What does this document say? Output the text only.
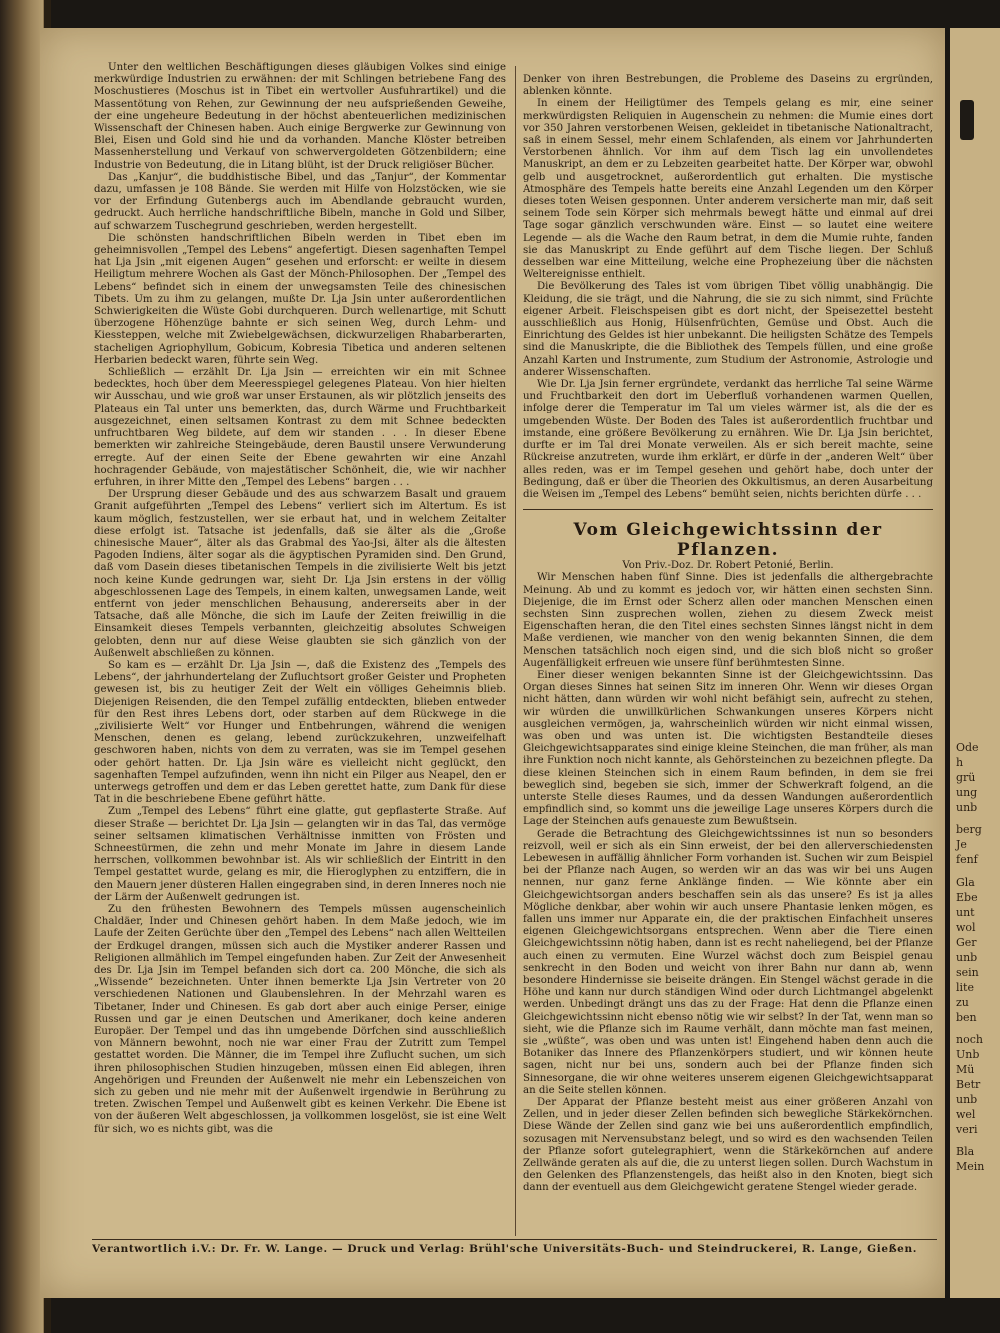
Unter den weltlichen Beschäftigungen dieses gläubigen Volkes sind einige merkwürdige Industrien zu erwähnen: der mit Schlingen betriebene Fang des Moschustieres (Moschus ist in Tibet ein wertvoller Ausfuhrartikel) und die Massentötung von Rehen, zur Gewinnung der neu aufsprießenden Geweihe, der eine ungeheure Bedeutung in der höchst abenteuerlichen medizinischen Wissenschaft der Chinesen haben. Auch einige Bergwerke zur Gewinnung von Blei, Eisen und Gold sind hie und da vorhanden. Manche Klöster betreiben Massenherstellung und Verkauf von schwervergoldeten Götzenbildern; eine Industrie von Bedeutung, die in Litang blüht, ist der Druck religiöser Bücher.

Das „Kanjur“, die buddhistische Bibel, und das „Tanjur“, der Kommentar dazu, umfassen je 108 Bände. Sie werden mit Hilfe von Holzstöcken, wie sie vor der Erfindung Gutenbergs auch im Abendlande gebraucht wurden, gedruckt. Auch herrliche handschriftliche Bibeln, manche in Gold und Silber, auf schwarzem Tuschegrund geschrieben, werden hergestellt.

Die schönsten handschriftlichen Bibeln werden in Tibet eben im geheimnisvollen „Tempel des Lebens“ angefertigt. Diesen sagenhaften Tempel hat Lja Jsin „mit eigenen Augen“ gesehen und erforscht: er weilte in diesem Heiligtum mehrere Wochen als Gast der Mönch-Philosophen. Der „Tempel des Lebens“ befindet sich in einem der unwegsamsten Teile des chinesischen Tibets. Um zu ihm zu gelangen, mußte Dr. Lja Jsin unter außerordentlichen Schwierigkeiten die Wüste Gobi durchqueren. Durch wellenartige, mit Schutt überzogene Höhenzüge bahnte er sich seinen Weg, durch Lehm- und Kiessteppen, welche mit Zwiebelgewächsen, dickwurzeligen Rhabarberarten, stacheligen Agriophyllum, Gobicum, Kobresia Tibetica und anderen seltenen Herbarien bedeckt waren, führte sein Weg.

Schließlich — erzählt Dr. Lja Jsin — erreichten wir ein mit Schnee bedecktes, hoch über dem Meeresspiegel gelegenes Plateau. Von hier hielten wir Ausschau, und wie groß war unser Erstaunen, als wir plötzlich jenseits des Plateaus ein Tal unter uns bemerkten, das, durch Wärme und Fruchtbarkeit ausgezeichnet, einen seltsamen Kontrast zu dem mit Schnee bedeckten unfruchtbaren Weg bildete, auf dem wir standen . . . In dieser Ebene bemerkten wir zahlreiche Steingebäude, deren Baustil unsere Verwunderung erregte. Auf der einen Seite der Ebene gewahrten wir eine Anzahl hochragender Gebäude, von majestätischer Schönheit, die, wie wir nachher erfuhren, in ihrer Mitte den „Tempel des Lebens“ bargen . . .

Der Ursprung dieser Gebäude und des aus schwarzem Basalt und grauem Granit aufgeführten „Tempel des Lebens“ verliert sich im Altertum. Es ist kaum möglich, festzustellen, wer sie erbaut hat, und in welchem Zeitalter diese erfolgt ist. Tatsache ist jedenfalls, daß sie älter als die „Große chinesische Mauer“, älter als das Grabmal des Yao-Jsi, älter als die ältesten Pagoden Indiens, älter sogar als die ägyptischen Pyramiden sind. Den Grund, daß vom Dasein dieses tibetanischen Tempels in die zivilisierte Welt bis jetzt noch keine Kunde gedrungen war, sieht Dr. Lja Jsin erstens in der völlig abgeschlossenen Lage des Tempels, in einem kalten, unwegsamen Lande, weit entfernt von jeder menschlichen Behausung, andererseits aber in der Tatsache, daß alle Mönche, die sich im Laufe der Zeiten freiwillig in die Einsamkeit dieses Tempels verbannten, gleichzeitig absolutes Schweigen gelobten, denn nur auf diese Weise glaubten sie sich gänzlich von der Außenwelt abschließen zu können.

So kam es — erzählt Dr. Lja Jsin —, daß die Existenz des „Tempels des Lebens“, der jahrhundertelang der Zufluchtsort großer Geister und Propheten gewesen ist, bis zu heutiger Zeit der Welt ein völliges Geheimnis blieb. Diejenigen Reisenden, die den Tempel zufällig entdeckten, blieben entweder für den Rest ihres Lebens dort, oder starben auf dem Rückwege in die „zivilisierte Welt“ vor Hunger und Entbehrungen, während die wenigen Menschen, denen es gelang, lebend zurückzukehren, unzweifelhaft geschworen haben, nichts von dem zu verraten, was sie im Tempel gesehen oder gehört hatten. Dr. Lja Jsin wäre es vielleicht nicht geglückt, den sagenhaften Tempel aufzufinden, wenn ihn nicht ein Pilger aus Neapel, den er unterwegs getroffen und dem er das Leben gerettet hatte, zum Dank für diese Tat in die beschriebene Ebene geführt hätte.

Zum „Tempel des Lebens“ führt eine glatte, gut gepflasterte Straße. Auf dieser Straße — berichtet Dr. Lja Jsin — gelangten wir in das Tal, das vermöge seiner seltsamen klimatischen Verhältnisse inmitten von Frösten und Schneestürmen, die zehn und mehr Monate im Jahre in diesem Lande herrschen, vollkommen bewohnbar ist. Als wir schließlich der Eintritt in den Tempel gestattet wurde, gelang es mir, die Hieroglyphen zu entziffern, die in den Mauern jener düsteren Hallen eingegraben sind, in deren Inneres noch nie der Lärm der Außenwelt gedrungen ist.

Zu den frühesten Bewohnern des Tempels müssen augenscheinlich Chaldäer, Inder und Chinesen gehört haben. In dem Maße jedoch, wie im Laufe der Zeiten Gerüchte über den „Tempel des Lebens“ nach allen Weltteilen der Erdkugel drangen, müssen sich auch die Mystiker anderer Rassen und Religionen allmählich im Tempel eingefunden haben. Zur Zeit der Anwesenheit des Dr. Lja Jsin im Tempel befanden sich dort ca. 200 Mönche, die sich als „Wissende“ bezeichneten. Unter ihnen bemerkte Lja Jsin Vertreter von 20 verschiedenen Nationen und Glaubenslehren. In der Mehrzahl waren es Tibetaner, Inder und Chinesen. Es gab dort aber auch einige Perser, einige Russen und gar je einen Deutschen und Amerikaner, doch keine anderen Europäer. Der Tempel und das ihn umgebende Dörfchen sind ausschließlich von Männern bewohnt, noch nie war einer Frau der Zutritt zum Tempel gestattet worden. Die Männer, die im Tempel ihre Zuflucht suchen, um sich ihren philosophischen Studien hinzugeben, müssen einen Eid ablegen, ihren Angehörigen und Freunden der Außenwelt nie mehr ein Lebenszeichen von sich zu geben und nie mehr mit der Außenwelt irgendwie in Berührung zu treten. Zwischen Tempel und Außenwelt gibt es keinen Verkehr. Die Ebene ist von der äußeren Welt abgeschlossen, ja vollkommen losgelöst, sie ist eine Welt für sich, wo es nichts gibt, was die

Denker von ihren Bestrebungen, die Probleme des Daseins zu ergründen, ablenken könnte.

In einem der Heiligtümer des Tempels gelang es mir, eine seiner merkwürdigsten Reliquien in Augenschein zu nehmen: die Mumie eines dort vor 350 Jahren verstorbenen Weisen, gekleidet in tibetanische Nationaltracht, saß in einem Sessel, mehr einem Schlafenden, als einem vor Jahrhunderten Verstorbenen ähnlich. Vor ihm auf dem Tisch lag ein unvollendetes Manuskript, an dem er zu Lebzeiten gearbeitet hatte. Der Körper war, obwohl gelb und ausgetrocknet, außerordentlich gut erhalten. Die mystische Atmosphäre des Tempels hatte bereits eine Anzahl Legenden um den Körper dieses toten Weisen gesponnen. Unter anderem versicherte man mir, daß seit seinem Tode sein Körper sich mehrmals bewegt hätte und einmal auf drei Tage sogar gänzlich verschwunden wäre. Einst — so lautet eine weitere Legende — als die Wache den Raum betrat, in dem die Mumie ruhte, fanden sie das Manuskript zu Ende geführt auf dem Tische liegen. Der Schluß desselben war eine Mitteilung, welche eine Prophezeiung über die nächsten Weltereignisse enthielt.

Die Bevölkerung des Tales ist vom übrigen Tibet völlig unabhängig. Die Kleidung, die sie trägt, und die Nahrung, die sie zu sich nimmt, sind Früchte eigener Arbeit. Fleischspeisen gibt es dort nicht, der Speisezettel besteht ausschließlich aus Honig, Hülsenfrüchten, Gemüse und Obst. Auch die Einrichtung des Geldes ist hier unbekannt. Die heiligsten Schätze des Tempels sind die Manuskripte, die die Bibliothek des Tempels füllen, und eine große Anzahl Karten und Instrumente, zum Studium der Astronomie, Astrologie und anderer Wissenschaften.

Wie Dr. Lja Jsin ferner ergründete, verdankt das herrliche Tal seine Wärme und Fruchtbarkeit den dort im Ueberfluß vorhandenen warmen Quellen, infolge derer die Temperatur im Tal um vieles wärmer ist, als die der es umgebenden Wüste. Der Boden des Tales ist außerordentlich fruchtbar und imstande, eine größere Bevölkerung zu ernähren. Wie Dr. Lja Jsin berichtet, durfte er im Tal drei Monate verweilen. Als er sich bereit machte, seine Rückreise anzutreten, wurde ihm erklärt, er dürfe in der „anderen Welt“ über alles reden, was er im Tempel gesehen und gehört habe, doch unter der Bedingung, daß er über die Theorien des Okkultismus, an deren Ausarbeitung die Weisen im „Tempel des Lebens“ bemüht seien, nichts berichten dürfe . . .

Vom Gleichgewichtssinn der Pflanzen.

Von Priv.-Doz. Dr. Robert Petonié, Berlin.

Wir Menschen haben fünf Sinne. Dies ist jedenfalls die althergebrachte Meinung. Ab und zu kommt es jedoch vor, wir hätten einen sechsten Sinn. Diejenige, die im Ernst oder Scherz allen oder manchen Menschen einen sechsten Sinn zusprechen wollen, ziehen zu diesem Zweck meist Eigenschaften heran, die den Titel eines sechsten Sinnes längst nicht in dem Maße verdienen, wie mancher von den wenig bekannten Sinnen, die dem Menschen tatsächlich noch eigen sind, und die sich bloß nicht so großer Augenfälligkeit erfreuen wie unsere fünf berühmtesten Sinne.

Einer dieser wenigen bekannten Sinne ist der Gleichgewichtssinn. Das Organ dieses Sinnes hat seinen Sitz im inneren Ohr. Wenn wir dieses Organ nicht hätten, dann würden wir wohl nicht befähigt sein, aufrecht zu stehen, wir würden die unwillkürlichen Schwankungen unseres Körpers nicht ausgleichen vermögen, ja, wahrscheinlich würden wir nicht einmal wissen, was oben und was unten ist. Die wichtigsten Bestandteile dieses Gleichgewichtsapparates sind einige kleine Steinchen, die man früher, als man ihre Funktion noch nicht kannte, als Gehörsteinchen zu bezeichnen pflegte. Da diese kleinen Steinchen sich in einem Raum befinden, in dem sie frei beweglich sind, begeben sie sich, immer der Schwerkraft folgend, an die unterste Stelle dieses Raumes, und da dessen Wandungen außerordentlich empfindlich sind, so kommt uns die jeweilige Lage unseres Körpers durch die Lage der Steinchen aufs genaueste zum Bewußtsein.

Gerade die Betrachtung des Gleichgewichtssinnes ist nun so besonders reizvoll, weil er sich als ein Sinn erweist, der bei den allerverschiedensten Lebewesen in auffällig ähnlicher Form vorhanden ist. Suchen wir zum Beispiel bei der Pflanze nach Augen, so werden wir an das was wir bei uns Augen nennen, nur ganz ferne Anklänge finden. — Wie könnte aber ein Gleichgewichtsorgan anders beschaffen sein als das unsere? Es ist ja alles Mögliche denkbar, aber wohin wir auch unsere Phantasie lenken mögen, es fallen uns immer nur Apparate ein, die der praktischen Einfachheit unseres eigenen Gleichgewichtsorgans entsprechen. Wenn aber die Tiere einen Gleichgewichtssinn nötig haben, dann ist es recht naheliegend, bei der Pflanze auch einen zu vermuten. Eine Wurzel wächst doch zum Beispiel genau senkrecht in den Boden und weicht von ihrer Bahn nur dann ab, wenn besondere Hindernisse sie beiseite drängen. Ein Stengel wächst gerade in die Höhe und kann nur durch ständigen Wind oder durch Lichtmangel abgelenkt werden. Unbedingt drängt uns das zu der Frage: Hat denn die Pflanze einen Gleichgewichtssinn nicht ebenso nötig wie wir selbst? In der Tat, wenn man so sieht, wie die Pflanze sich im Raume verhält, dann möchte man fast meinen, sie „wüßte“, was oben und was unten ist! Eingehend haben denn auch die Botaniker das Innere des Pflanzenkörpers studiert, und wir können heute sagen, nicht nur bei uns, sondern auch bei der Pflanze finden sich Sinnesorgane, die wir ohne weiteres unserem eigenen Gleichgewichtsapparat an die Seite stellen können.

Der Apparat der Pflanze besteht meist aus einer größeren Anzahl von Zellen, und in jeder dieser Zellen befinden sich bewegliche Stärkekörnchen. Diese Wände der Zellen sind ganz wie bei uns außerordentlich empfindlich, sozusagen mit Nervensubstanz belegt, und so wird es den wachsenden Teilen der Pflanze sofort gutelegraphiert, wenn die Stärkekörnchen auf andere Zellwände geraten als auf die, die zu unterst liegen sollen. Durch Wachstum in den Gelenken des Pflanzenstengels, das heißt also in den Knoten, biegt sich dann der eventuell aus dem Gleichgewicht geratene Stengel wieder gerade.

Verantwortlich i.V.: Dr. Fr. W. Lange. — Druck und Verlag: Brühl'sche Universitäts-Buch- und Steindruckerei, R. Lange, Gießen.
Ode
h
grü
ung
unb
berg
Je
fenf
Gla
Ebe
unt
wol
Ger
unb
sein
lite
zu
ben
noch
Unb
Mü
Betr
unb
wel
veri
Bla
Mein
